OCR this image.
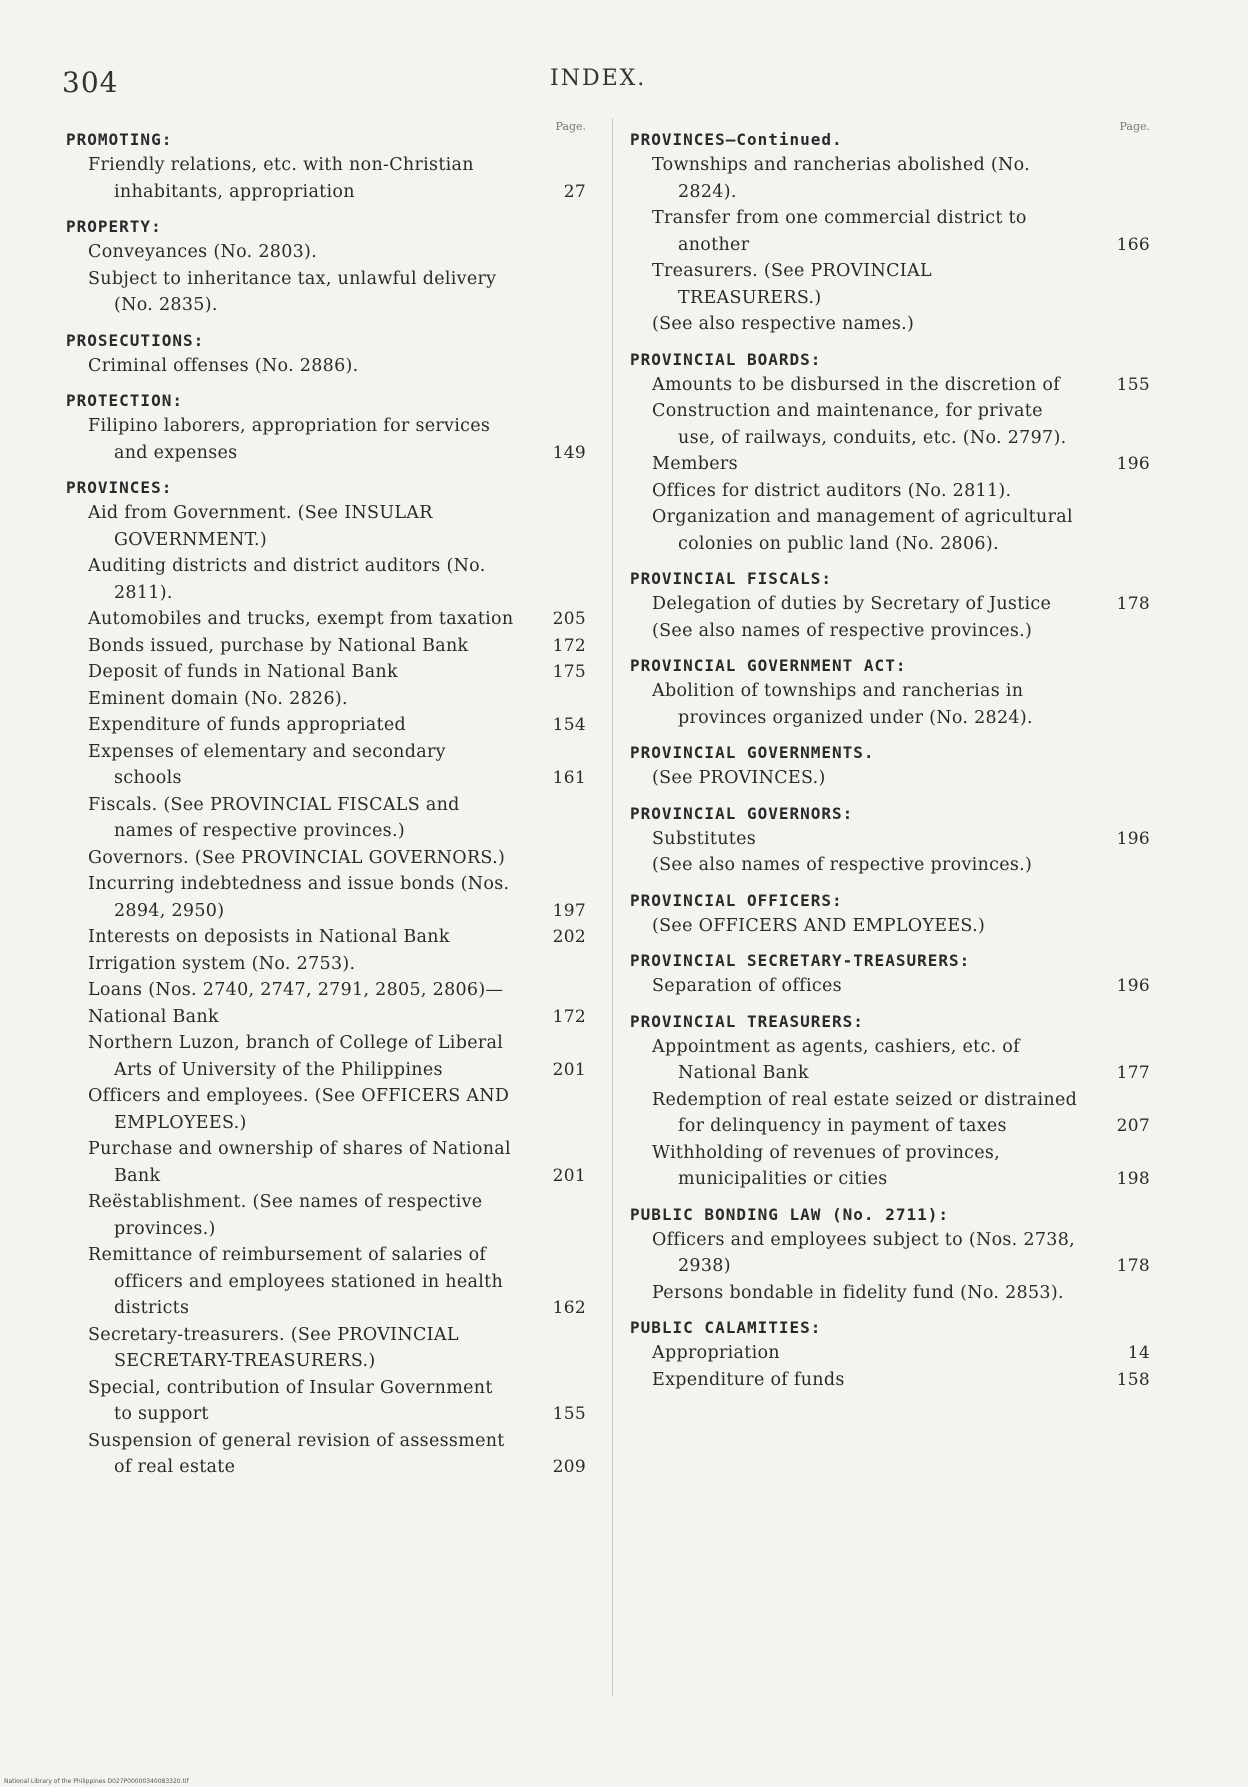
304	INDEX.
Page.
PROMOTING:
Friendly relations, etc. with non-Christian inhabitants, appropriation	27
PROPERTY:
Conveyances (No. 2803).
Subject to inheritance tax, unlawful delivery (No. 2835).
PROSECUTIONS:
Criminal offenses (No. 2886).
PROTECTION:
Filipino laborers, appropriation for services and expenses	149
PROVINCES:
Aid from Government. (See INSULAR GOVERNMENT.)
Auditing districts and district auditors (No. 2811).
Automobiles and trucks, exempt from taxation 205
Bonds issued, purchase by National Bank	172
Deposit of funds in National Bank	175
Eminent domain (No. 2826).
Expenditure of funds appropriated	154
Expenses of elementary and secondary schools	161
Fiscals. (See PROVINCIAL FISCALS and names of respective provinces.)
Governors. (See PROVINCIAL GOVERNORS.)
Incurring indebtedness and issue bonds (Nos. 2894, 2950)	197
Interests on deposists in National Bank	202
Irrigation system (No. 2753).
Loans (Nos. 2740, 2747, 2791, 2805, 2806)—
National Bank	172
Northern Luzon, branch of College of Liberal Arts of University of the Philippines	201
Officers and employees. (See OFFICERS AND EMPLOYEES.)
Purchase and ownership of shares of National Bank	201
Reëstablishment. (See names of respective provinces.)
Remittance of reimbursement of salaries of officers and employees stationed in health districts	162
Secretary-treasurers. (See PROVINCIAL SECRETARY-TREASURERS.)
Special, contribution of Insular Government to support	155
Suspension of general revision of assessment of real estate	209
Page.
PROVINCES—Continued.
Townships and rancherias abolished (No. 2824).
Transfer from one commercial district to another	166
Treasurers. (See PROVINCIAL TREASURERS.)
(See also respective names.)
PROVINCIAL BOARDS:
Amounts to be disbursed in the discretion of	155
Construction and maintenance, for private use, of railways, conduits, etc. (No. 2797).
Members	196
Offices for district auditors (No. 2811).
Organization and management of agricultural colonies on public land (No. 2806).
PROVINCIAL FISCALS:
Delegation of duties by Secretary of Justice	178
(See also names of respective provinces.)
PROVINCIAL GOVERNMENT ACT:
Abolition of townships and rancherias in provinces organized under (No. 2824).
PROVINCIAL GOVERNMENTS.
(See PROVINCES.)
PROVINCIAL GOVERNORS:
Substitutes	196
(See also names of respective provinces.)
PROVINCIAL OFFICERS:
(See OFFICERS AND EMPLOYEES.)
PROVINCIAL SECRETARY-TREASURERS:
Separation of offices	196
PROVINCIAL TREASURERS:
Appointment as agents, cashiers, etc. of National Bank	177
Redemption of real estate seized or distrained for delinquency in payment of taxes	207
Withholding of revenues of provinces, municipalities or cities	198
PUBLIC BONDING LAW (No. 2711):
Officers and employees subject to (Nos. 2738, 2938)	178
Persons bondable in fidelity fund (No. 2853).
PUBLIC CALAMITIES:
Appropriation	14
Expenditure of funds	158
National Library of the Philippines D027P00000340083320.tif
